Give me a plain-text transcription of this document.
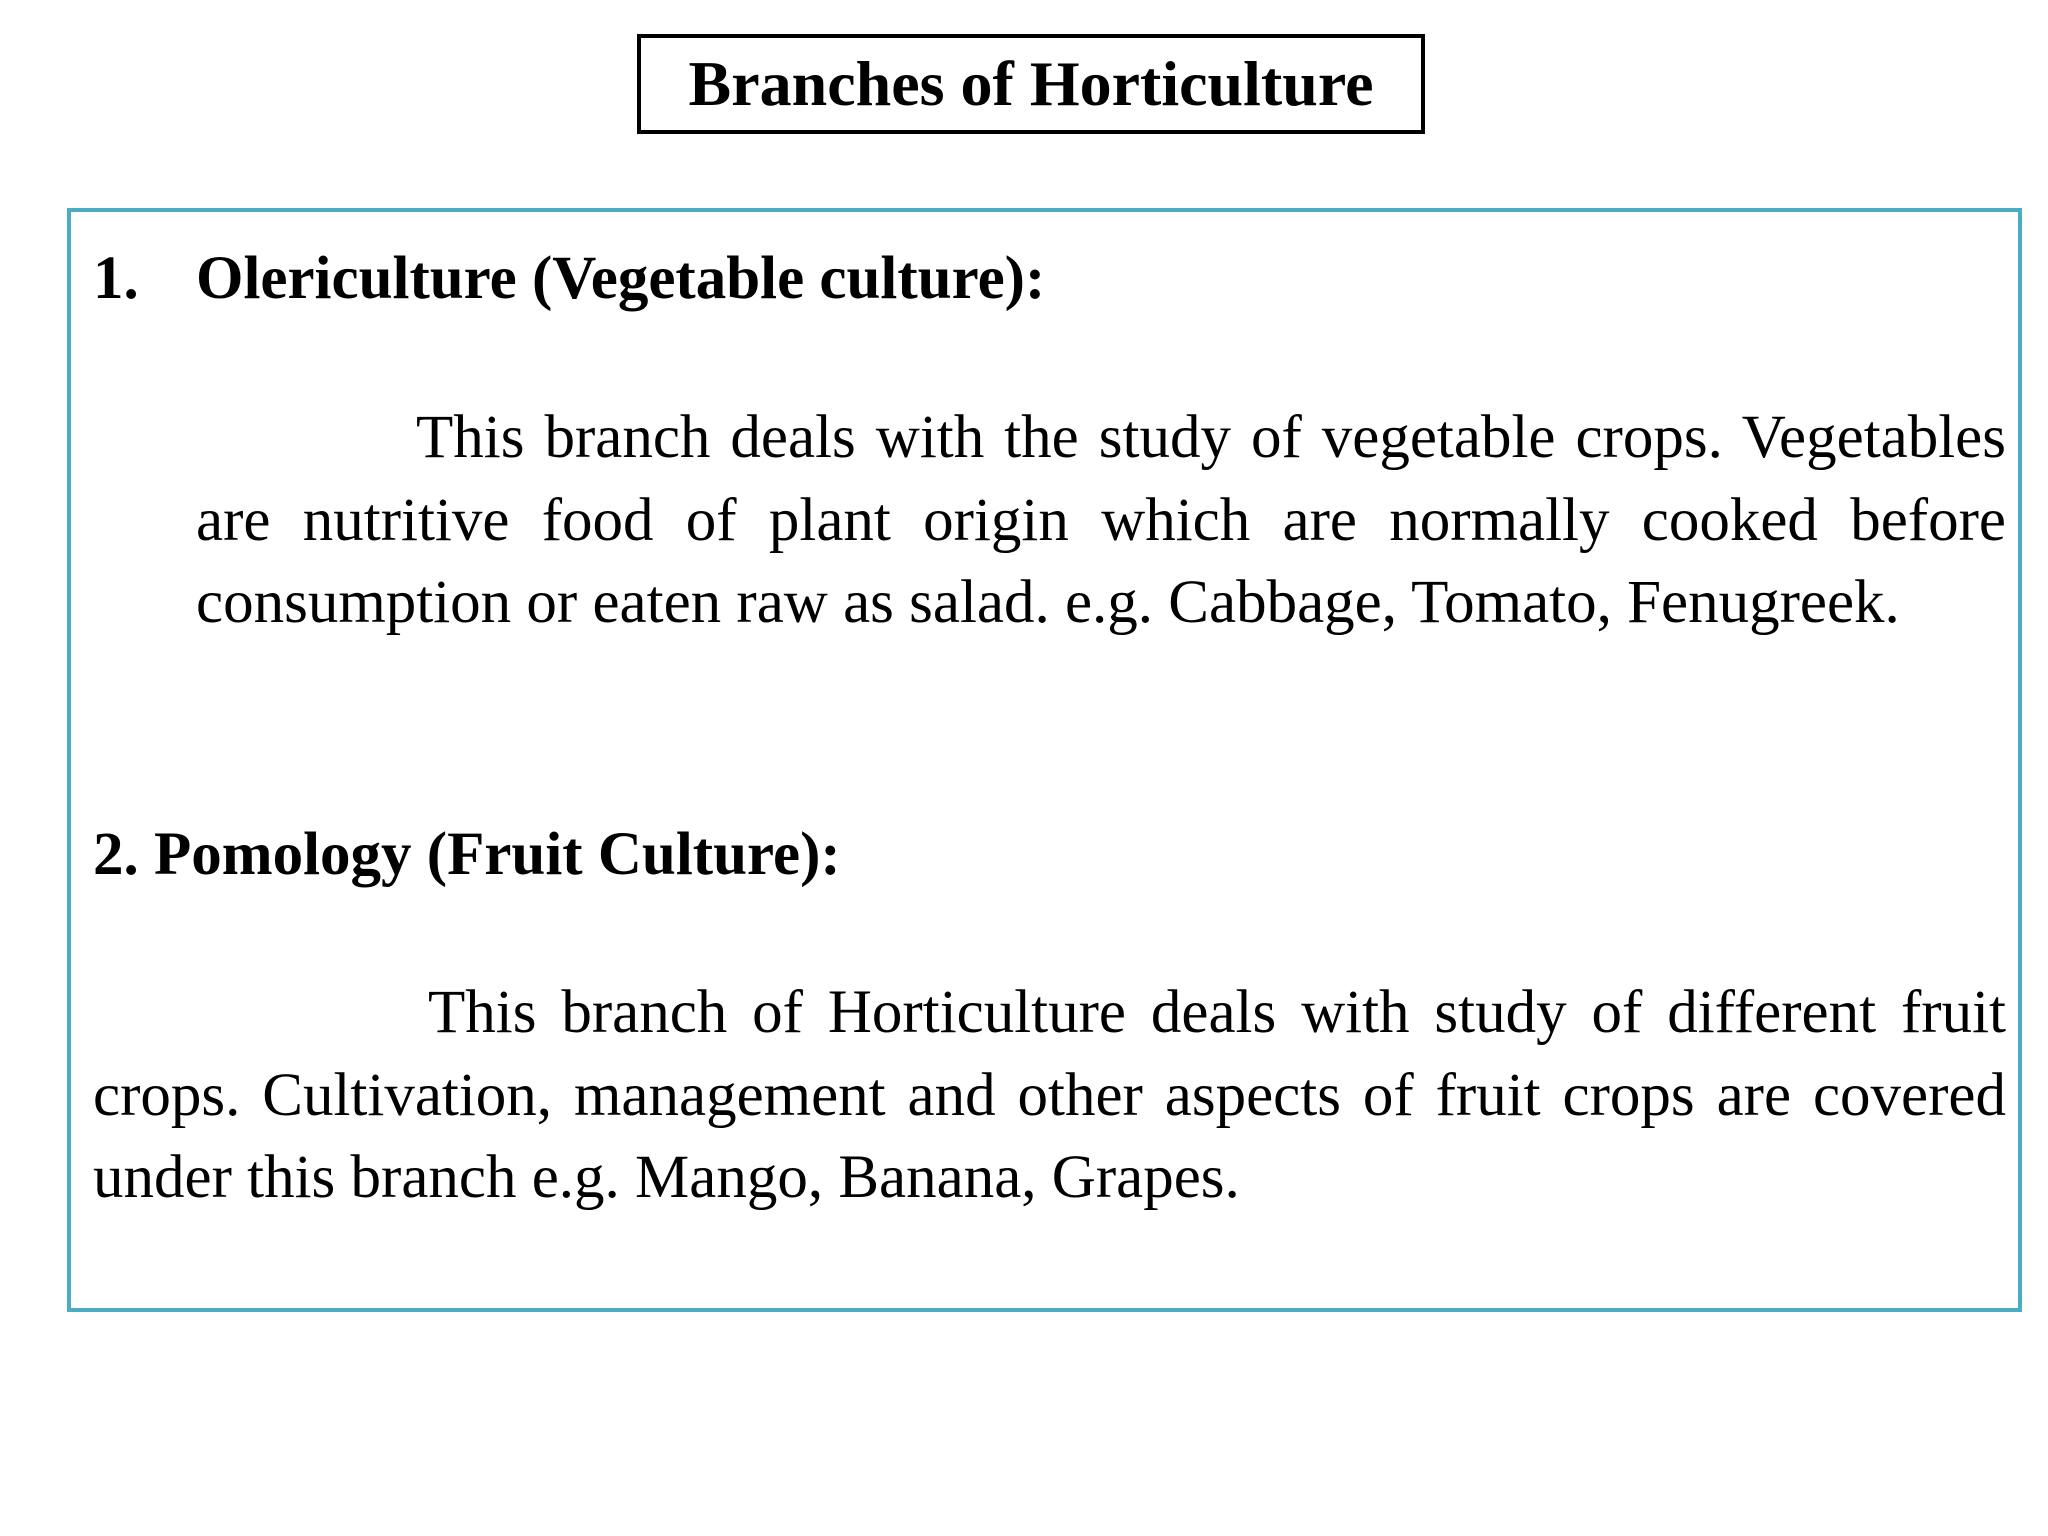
Branches of Horticulture
1. Olericulture (Vegetable culture):

This branch deals with the study of vegetable crops. Vegetables are nutritive food of plant origin which are normally cooked before consumption or eaten raw as salad. e.g. Cabbage, Tomato, Fenugreek.

2. Pomology (Fruit Culture):

This branch of Horticulture deals with study of different fruit crops. Cultivation, management and other aspects of fruit crops are covered under this branch e.g. Mango, Banana, Grapes.
